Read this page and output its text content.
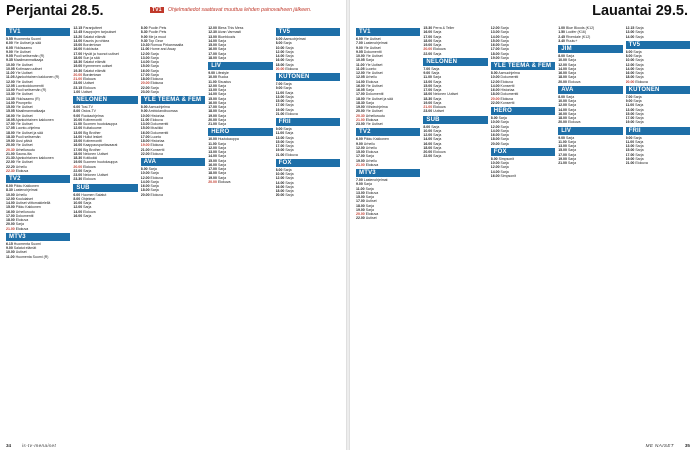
Perjantai 28.5.	TV1 Ohjelmatiedot saattavat muuttua lehden painovaiheen jälkeen.
TV1
5.55 Huomenta Suomi
6.00 Yle Uutiset ja sää
6.05 Ykkösaamu
9.00 Yle Uutiset
9.05 Puoli seitsemän (R)
9.35 Maailmanmatkaaja
10.00 Yle Uutiset
10.05 Kotimaan uutiset
11.00 Yle Uutiset
11.05 Ajankohtainen kakkonen (R)
12.00 Yle Uutiset
12.05 Luontodokumentti
13.00 Puoli seitsemän (R)
13.30 Yle Uutiset
13.35 Ykkösaamu (R)
14.00 Pirunpelto
15.00 Yle Uutiset
15.05 Maailmanmatkaaja
16.00 Yle Uutiset
16.05 Ajankohtainen kakkonen
17.00 Yle Uutiset
17.05 Luonto-ohjelma
18.00 Yle Uutiset ja sää
18.30 Puoli seitsemän
19.00 Uusi päivä
20.00 Yle Uutiset
20.30 Urheiluruutu
21.00 Sauna-ilta
21.30 Ajankohtainen kakkonen
22.00 Yle Uutiset
22.20 Urheilu
22.30 Elokuva
TV2
6.00 Pikku Kakkonen
8.30 Lastenohjelmat
10.00 Urheilu
12.00 Koululaiset
14.00 Uutiset viittomakielellä
15.00 Pikku Kakkonen
16.00 Urheiluruutu
17.00 Dokumentti
18.00 Elokuva
20.00 Sarja
21.00 Elokuva
MTV3
6.15 Huomenta Suomi
9.00 Salatut elämät
10.00 Uutiset
11.00 Huomenta Suomi (R)
12.15 Paranjutteet
12.45 Kauppojen tarjoukset
13.20 Salatut elämät
14.00 Kaunis ja rohkea
15.00 Bordertown
16.00 Kokkisota
17.00 Hyvät ja huonot uutiset
18.00 Sun ja sää
18.30 Salatut elämät
19.00 Kymmenen uutiset
19.30 Salatut elämät
20.00 Bordertown
21.00 Elokuva
23.00 Uutiset
23.15 Elokuva
1.00 Uutiset
NELONEN
6.00 Tosi-TV
8.00 Ostos-TV
9.00 Ruokaohjelma
10.00 Kotiremontti
11.00 Suomen huutokauppa
12.00 Kultakuume
13.00 Big Brother
14.00 Hullut lesket
15.00 Kotiremontti
16.00 Kaappausparitavaarat
17.00 Big Brother
18.00 Nelonen Uutiset
18.30 Kotikokki
19.00 Suomen huutokauppa
20.00 Elokuva
22.00 Sarja
23.00 Nelonen Uutiset
23.30 Elokuva
SUB
6.00 Huomen Salatut
8.00 Ohjelmat
10.00 Sarja
12.00 Sarja
14.00 Elokuva
16.00 Sarja
8.00 Puolin Pets
8.30 Puolin Pets
9.00 Me ja muut
9.30 Top Gear
10.30 Romua Pirkanmaalta
11.00 Home and Away
12.00 Sarja
13.00 Sarja
14.00 Sarja
15.00 Sarja
16.00 Sarja
17.00 Sarja
18.00 Elokuva
20.00 Elokuva
22.00 Sarja
23.00 Sarja
YLE TEEMA & FEM
8.00 Aamuohjelma
9.00 Ambiolandbuomaa
10.00 Historiaa
11.00 Elokuva
13.00 Dokumentti
15.00 Musiikki
16.00 Dokumentti
17.00 Luonto
18.00 Historiaa
19.00 Elokuva
21.00 Konsertti
22.00 Elokuva
AVA
8.00 Sarja
10.00 Sarja
12.00 Elokuva
14.00 Sarja
16.00 Sarja
18.00 Sarja
20.00 Elokuva
12.00 Bless This Mess
12.30 Aivan Varmasti
13.00 Bluebloods
14.00 Sarja
15.00 Sarja
16.00 Sarja
17.00 Sarja
18.00 Sarja
LIV
9.00 Lifestyle
10.00 Ruoka
11.00 Sisustus
12.00 Sarja
13.00 Sarja
14.00 Sarja
15.00 Sarja
16.00 Sarja
17.00 Sarja
18.00 Sarja
19.00 Sarja
20.00 Sarja
21.00 Sarja
HERO
10.00 Huutokauppa
11.00 Sarja
12.00 Sarja
13.00 Sarja
14.00 Sarja
15.00 Sarja
16.00 Sarja
17.00 Sarja
18.00 Sarja
19.00 Sarja
20.00 Elokuva
TV5
6.00 Aamuohjelmat
8.00 Sarja
10.00 Sarja
12.00 Sarja
14.00 Sarja
16.00 Sarja
18.00 Sarja
20.00 Elokuva
KUTONEN
7.00 Sarja
9.00 Sarja
11.00 Sarja
13.00 Sarja
15.00 Sarja
17.00 Sarja
19.00 Sarja
21.00 Elokuva
FRII
9.00 Sarja
11.00 Sarja
13.00 Sarja
15.00 Sarja
17.00 Sarja
19.00 Sarja
21.00 Elokuva
FOX
8.00 Sarja
10.00 Sarja
12.00 Sarja
14.00 Sarja
16.00 Sarja
18.00 Sarja
20.00 Sarja
34 is-tv-menaiset
Lauantai 29.5.
TV1
6.00 Yle Uutiset
7.00 Lastenohjelmat
9.00 Yle Uutiset
9.05 Dokumentti
10.00 Yle Uutiset
10.05 Sarja
11.00 Yle Uutiset
11.05 Luonto
12.00 Yle Uutiset
12.05 Urheilu
14.00 Elokuva
16.00 Yle Uutiset
16.05 Sarja
17.00 Dokumentti
18.00 Yle Uutiset ja sää
18.30 Sarja
19.00 Viihdeohjelma
20.00 Yle Uutiset
20.30 Urheiluruutu
21.00 Elokuva
23.00 Yle Uutiset
TV2
6.00 Pikku Kakkonen
9.00 Urheilu
12.00 Urheilu
15.00 Elokuva
17.00 Sarja
19.00 Urheilu
21.00 Elokuva
MTV3
7.00 Lastenohjelmat
9.00 Sarja
11.00 Sarja
13.00 Elokuva
15.00 Sarja
17.00 Uutiset
18.00 Sarja
19.00 Sarja
20.00 Elokuva
22.00 Uutiset
15.30 Perra & Teller
16.00 Sarja
17.00 Sarja
18.00 Sarja
19.00 Sarja
20.00 Elokuva
22.00 Sarja
NELONEN
7.00 Sarja
9.00 Sarja
11.00 Sarja
13.00 Sarja
15.00 Sarja
17.00 Sarja
18.00 Nelonen Uutiset
18.30 Sarja
19.00 Sarja
21.00 Elokuva
23.00 Uutiset
SUB
8.00 Sarja
10.00 Sarja
12.00 Sarja
14.00 Sarja
16.00 Sarja
18.00 Sarja
20.00 Elokuva
22.00 Sarja
12.00 Sarja
13.00 Sarja
14.00 Sarja
15.00 Sarja
16.00 Sarja
17.00 Sarja
18.00 Sarja
19.00 Sarja
YLE TEEMA & FEM
8.00 Aamuohjelma
10.00 Dokumentti
12.00 Elokuva
14.00 Konsertti
16.00 Historiaa
18.00 Dokumentti
20.00 Elokuva
22.00 Konsertti
HERO
8.00 Sarja
10.00 Sarja
12.00 Sarja
14.00 Sarja
16.00 Sarja
18.00 Sarja
20.00 Sarja
FOX
8.00 Simpsonit
10.00 Sarja
12.00 Sarja
14.00 Sarja
16.00 Simpsonit
1.00 Blue Bloods (K12)
1.50 Lucifer (K16)
2.45 Riverdale (K12)
3.40 Ruutu+
JIM
8.00 Sarja
10.00 Sarja
12.00 Sarja
14.00 Sarja
16.00 Sarja
18.00 Sarja
20.00 Elokuva
AVA
8.00 Sarja
10.00 Sarja
12.00 Sarja
14.00 Sarja
16.00 Sarja
18.00 Sarja
20.00 Elokuva
LIV
9.00 Sarja
11.00 Sarja
13.00 Sarja
15.00 Sarja
17.00 Sarja
19.00 Sarja
21.00 Sarja
12.15 Sarja
13.00 Sarja
14.00 Sarja
TV5
6.00 Sarja
8.00 Sarja
10.00 Sarja
12.00 Sarja
14.00 Sarja
16.00 Sarja
18.00 Sarja
20.00 Elokuva
KUTONEN
7.00 Sarja
9.00 Sarja
11.00 Sarja
13.00 Sarja
15.00 Sarja
17.00 Sarja
19.00 Sarja
FRII
9.00 Sarja
11.00 Sarja
13.00 Sarja
15.00 Sarja
17.00 Sarja
19.00 Sarja
21.00 Elokuva
35
ME NAISET
